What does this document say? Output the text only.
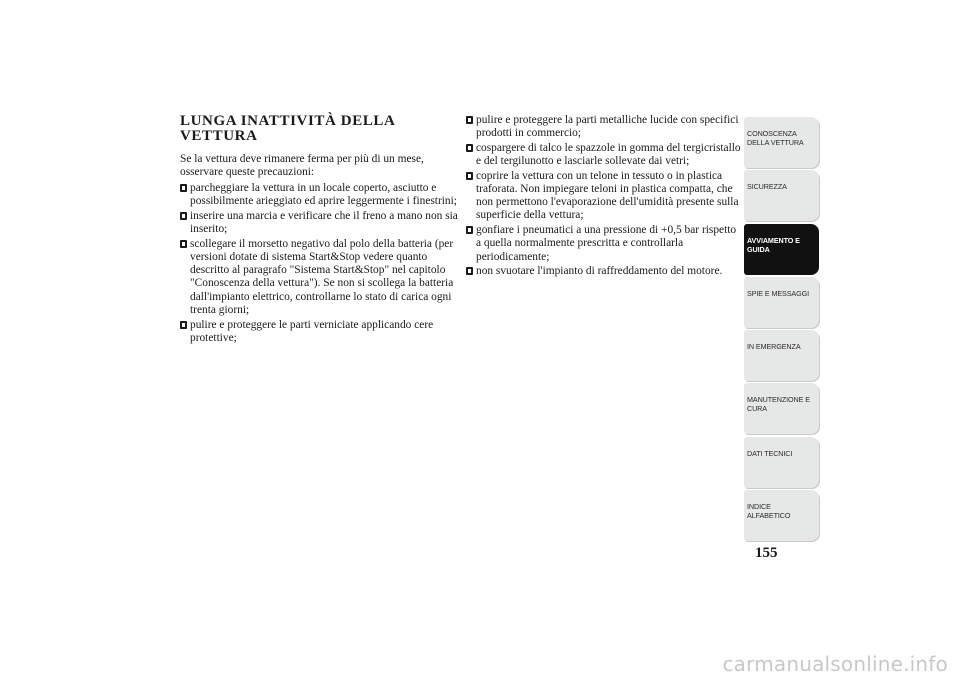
LUNGA INATTIVITÀ DELLA VETTURA

Se la vettura deve rimanere ferma per più di un mese, osservare queste precauzioni:

parcheggiare la vettura in un locale coperto, asciutto e possibilmente arieggiato ed aprire leggermente i finestrini;
inserire una marcia e verificare che il freno a mano non sia inserito;
scollegare il morsetto negativo dal polo della batteria (per versioni dotate di sistema Start&Stop vedere quanto descritto al paragrafo "Sistema Start&Stop" nel capitolo "Conoscenza della vettura"). Se non si scollega la batteria dall'impianto elettrico, controllarne lo stato di carica ogni trenta giorni;
pulire e proteggere le parti verniciate applicando cere protettive;
pulire e proteggere la parti metalliche lucide con specifici prodotti in commercio;
cospargere di talco le spazzole in gomma del tergicristallo e del tergilunotto e lasciarle sollevate dai vetri;
coprire la vettura con un telone in tessuto o in plastica traforata. Non impiegare teloni in plastica compatta, che non permettono l'evaporazione dell'umidità presente sulla superficie della vettura;
gonfiare i pneumatici a una pressione di +0,5 bar rispetto a quella normalmente prescritta e controllarla periodicamente;
non svuotare l'impianto di raffreddamento del motore.
CONOSCENZA
DELLA VETTURA
SICUREZZA
AVVIAMENTO E
GUIDA
SPIE E MESSAGGI
IN EMERGENZA
MANUTENZIONE E
CURA
DATI TECNICI
INDICE
ALFABETICO
155
carmanualsonline.info
